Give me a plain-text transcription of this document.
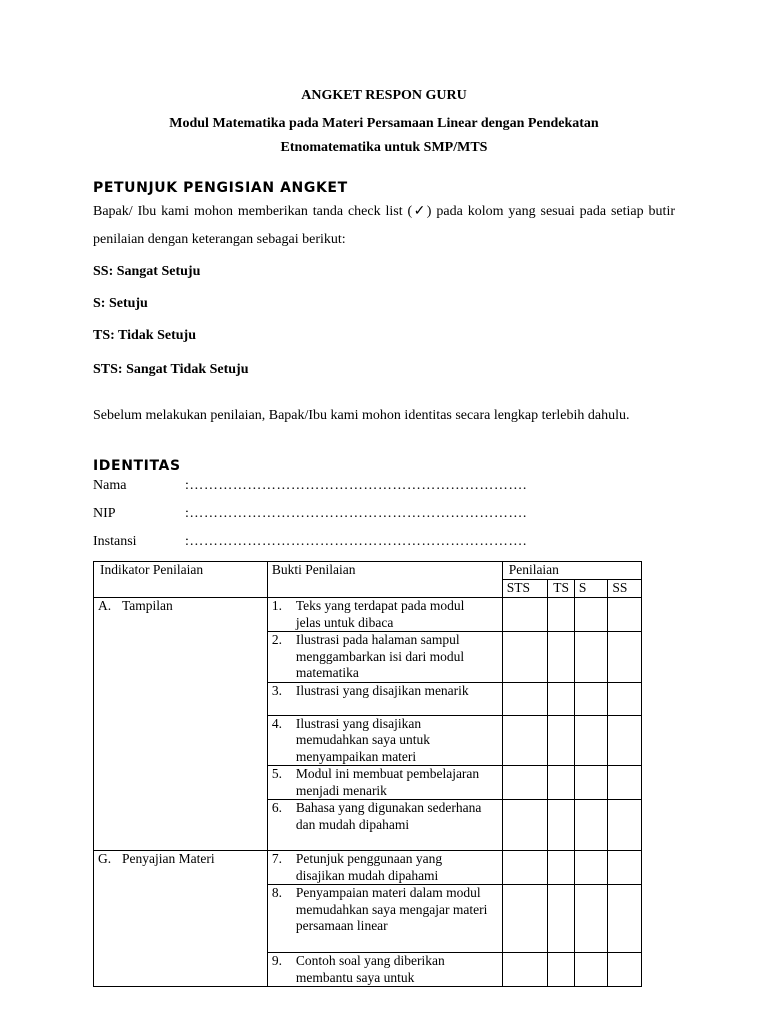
ANGKET RESPON GURU
Modul Matematika pada Materi Persamaan Linear dengan Pendekatan
Etnomatematika untuk SMP/MTS
PETUNJUK PENGISIAN ANGKET
Bapak/ Ibu kami mohon memberikan tanda check list (✓) pada kolom yang sesuai pada setiap butir penilaian dengan keterangan sebagai berikut:
SS: Sangat Setuju
S: Setuju
TS: Tidak Setuju
STS: Sangat Tidak Setuju
Sebelum melakukan penilaian, Bapak/Ibu kami mohon identitas secara lengkap terlebih dahulu.
IDENTITAS
Nama	:…………………………………………………………….
NIP	:…………………………………………………………….
Instansi	:…………………………………………………………….
Indikator Penilaian	Bukti Penilaian	Penilaian			
		STS	TS	S	SS
A. Tampilan	1. Teks yang terdapat pada modul jelas untuk dibaca				
	2. Ilustrasi pada halaman sampul menggambarkan isi dari modul matematika				
	3. Ilustrasi yang disajikan menarik				
	4. Ilustrasi yang disajikan memudahkan saya untuk menyampaikan materi				
	5. Modul ini membuat pembelajaran menjadi menarik				
	6. Bahasa yang digunakan sederhana dan mudah dipahami				
G. Penyajian Materi	7. Petunjuk penggunaan yang disajikan mudah dipahami				
	8. Penyampaian materi dalam modul memudahkan saya mengajar materi persamaan linear				
	9. Contoh soal yang diberikan membantu saya untuk				
